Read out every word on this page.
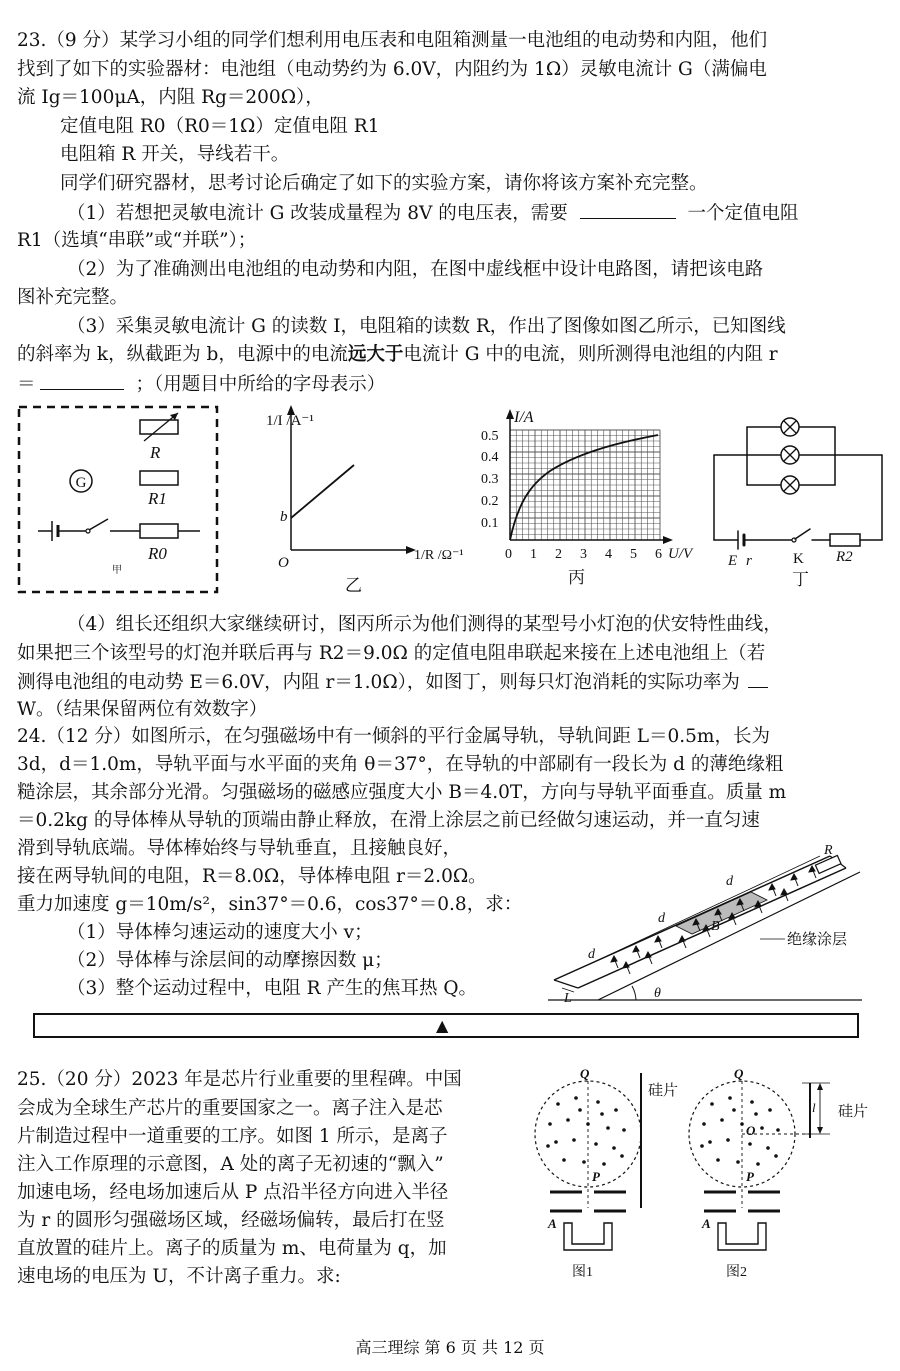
23.（9 分）某学习小组的同学们想利用电压表和电阻箱测量一电池组的电动势和内阻，他们
找到了如下的实验器材：电池组（电动势约为 6.0V，内阻约为 1Ω）灵敏电流计 G（满偏电
流 Ig＝100μA，内阻 Rg＝200Ω），
定值电阻 R0（R0＝1Ω）定值电阻 R1
电阻箱 R 开关，导线若干。
同学们研究器材，思考讨论后确定了如下的实验方案，请你将该方案补充完整。
（1）若想把灵敏电流计 G 改装成量程为 8V 的电压表，需要	一个定值电阻
R1（选填“串联”或“并联”）；
（2）为了准确测出电池组的电动势和内阻，在图中虚线框中设计电路图，请把该电路
图补充完整。
（3）采集灵敏电流计 G 的读数 I，电阻箱的读数 R，作出了图像如图乙所示，已知图线
的斜率为 k，纵截距为 b，电源中的电流远大于电流计 G 中的电流，则所测得电池组的内阻 r
＝	；（用题目中所给的字母表示）
G
R
R1
R0
甲
1/I /A⁻¹
b
O	1/R /Ω⁻¹
乙
I/A
0.1
0.2
0.3
0.4
0.5
0 1 2 3 4 5 6 U/V
丙
E r	K R2
丁
（4）组长还组织大家继续研讨，图丙所示为他们测得的某型号小灯泡的伏安特性曲线，
如果把三个该型号的灯泡并联后再与 R2＝9.0Ω 的定值电阻串联起来接在上述电池组上（若
测得电池组的电动势 E＝6.0V，内阻 r＝1.0Ω），如图丁，则每只灯泡消耗的实际功率为
W。（结果保留两位有效数字）
24.（12 分）如图所示，在匀强磁场中有一倾斜的平行金属导轨，导轨间距 L＝0.5m，长为
3d，d＝1.0m，导轨平面与水平面的夹角 θ＝37°，在导轨的中部刷有一段长为 d 的薄绝缘粗
糙涂层，其余部分光滑。匀强磁场的磁感应强度大小 B＝4.0T，方向与导轨平面垂直。质量 m
＝0.2kg 的导体棒从导轨的顶端由静止释放，在滑上涂层之前已经做匀速运动，并一直匀速
滑到导轨底端。导体棒始终与导轨垂直，且接触良好，
接在两导轨间的电阻，R＝8.0Ω，导体棒电阻 r＝2.0Ω。
重力加速度 g＝10m/s²，sin37°＝0.6，cos37°＝0.8，求：
（1）导体棒匀速运动的速度大小 v；
（2）导体棒与涂层间的动摩擦因数 μ；
（3）整个运动过程中，电阻 R 产生的焦耳热 Q。
R
d
d
d
B
绝缘涂层
L	θ
▲
25.（20 分）2023 年是芯片行业重要的里程碑。中国
会成为全球生产芯片的重要国家之一。离子注入是芯
片制造过程中一道重要的工序。如图 1 所示，是离子
注入工作原理的示意图，A 处的离子无初速的“飘入”
加速电场，经电场加速后从 P 点沿半径方向进入半径
为 r 的圆形匀强磁场区域，经磁场偏转，最后打在竖
直放置的硅片上。离子的质量为 m、电荷量为 q，加
速电场的电压为 U，不计离子重力。求:
硅片
Q
P
A
图1
l 硅片
O
Q
P
A
图2
高三理综 第 6 页 共 12 页
